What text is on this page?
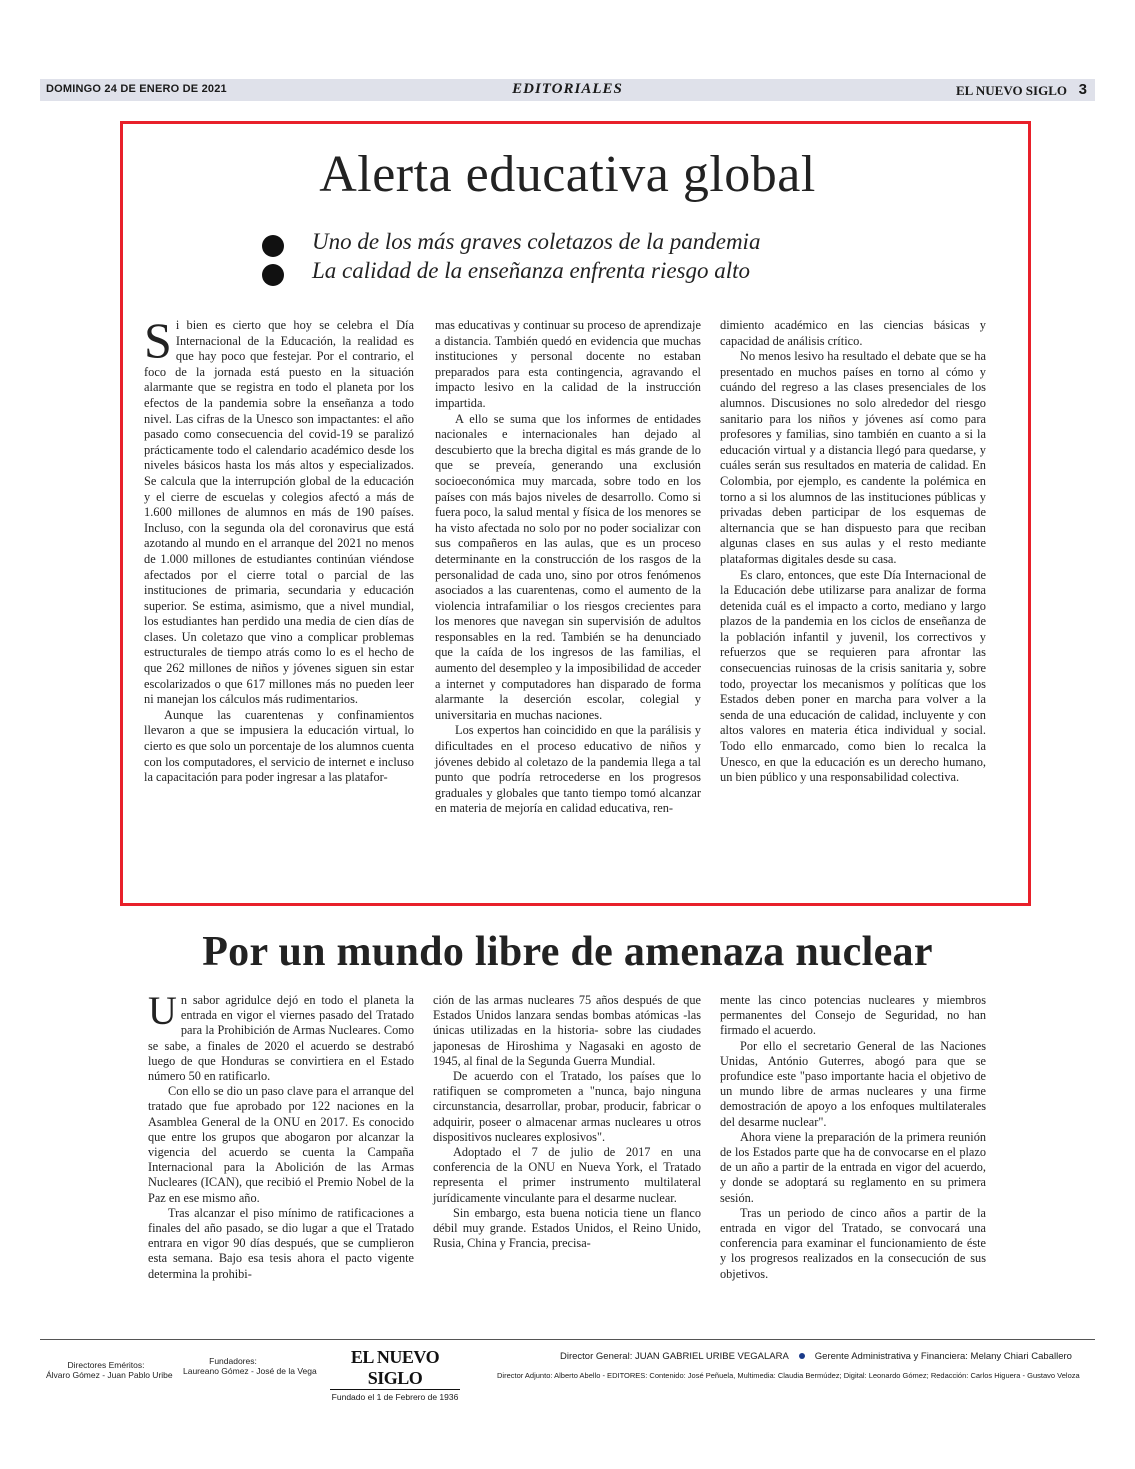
DOMINGO 24 DE ENERO DE 2021	EDITORIALES	EL NUEVO SIGLO 3
Alerta educativa global
Uno de los más graves coletazos de la pandemia
La calidad de la enseñanza enfrenta riesgo alto

Si bien es cierto que hoy se celebra el Día Internacional de la Educación, la realidad es que hay poco que festejar. Por el contrario, el foco de la jornada está puesto en la situación alarmante que se registra en todo el planeta por los efectos de la pandemia sobre la enseñanza a todo nivel. Las cifras de la Unesco son impactantes: el año pasado como consecuencia del covid-19 se paralizó prácticamente todo el calendario académico desde los niveles básicos hasta los más altos y especializados. Se calcula que la interrupción global de la educación y el cierre de escuelas y colegios afectó a más de 1.600 millones de alumnos en más de 190 países. Incluso, con la segunda ola del coronavirus que está azotando al mundo en el arranque del 2021 no menos de 1.000 millones de estudiantes continúan viéndose afectados por el cierre total o parcial de las instituciones de primaria, secundaria y educación superior. Se estima, asimismo, que a nivel mundial, los estudiantes han perdido una media de cien días de clases. Un coletazo que vino a complicar problemas estructurales de tiempo atrás como lo es el hecho de que 262 millones de niños y jóvenes siguen sin estar escolarizados o que 617 millones más no pueden leer ni manejan los cálculos más rudimentarios.

Aunque las cuarentenas y confinamientos llevaron a que se impusiera la educación virtual, lo cierto es que solo un porcentaje de los alumnos cuenta con los computadores, el servicio de internet e incluso la capacitación para poder ingresar a las platafor-

mas educativas y continuar su proceso de aprendizaje a distancia. También quedó en evidencia que muchas instituciones y personal docente no estaban preparados para esta contingencia, agravando el impacto lesivo en la calidad de la instrucción impartida.

A ello se suma que los informes de entidades nacionales e internacionales han dejado al descubierto que la brecha digital es más grande de lo que se preveía, generando una exclusión socioeconómica muy marcada, sobre todo en los países con más bajos niveles de desarrollo. Como si fuera poco, la salud mental y física de los menores se ha visto afectada no solo por no poder socializar con sus compañeros en las aulas, que es un proceso determinante en la construcción de los rasgos de la personalidad de cada uno, sino por otros fenómenos asociados a las cuarentenas, como el aumento de la violencia intrafamiliar o los riesgos crecientes para los menores que navegan sin supervisión de adultos responsables en la red. También se ha denunciado que la caída de los ingresos de las familias, el aumento del desempleo y la imposibilidad de acceder a internet y computadores han disparado de forma alarmante la deserción escolar, colegial y universitaria en muchas naciones.

Los expertos han coincidido en que la parálisis y dificultades en el proceso educativo de niños y jóvenes debido al coletazo de la pandemia llega a tal punto que podría retrocederse en los progresos graduales y globales que tanto tiempo tomó alcanzar en materia de mejoría en calidad educativa, ren-

dimiento académico en las ciencias básicas y capacidad de análisis crítico.

No menos lesivo ha resultado el debate que se ha presentado en muchos países en torno al cómo y cuándo del regreso a las clases presenciales de los alumnos. Discusiones no solo alrededor del riesgo sanitario para los niños y jóvenes así como para profesores y familias, sino también en cuanto a si la educación virtual y a distancia llegó para quedarse, y cuáles serán sus resultados en materia de calidad. En Colombia, por ejemplo, es candente la polémica en torno a si los alumnos de las instituciones públicas y privadas deben participar de los esquemas de alternancia que se han dispuesto para que reciban algunas clases en sus aulas y el resto mediante plataformas digitales desde su casa.

Es claro, entonces, que este Día Internacional de la Educación debe utilizarse para analizar de forma detenida cuál es el impacto a corto, mediano y largo plazos de la pandemia en los ciclos de enseñanza de la población infantil y juvenil, los correctivos y refuerzos que se requieren para afrontar las consecuencias ruinosas de la crisis sanitaria y, sobre todo, proyectar los mecanismos y políticas que los Estados deben poner en marcha para volver a la senda de una educación de calidad, incluyente y con altos valores en materia ética individual y social. Todo ello enmarcado, como bien lo recalca la Unesco, en que la educación es un derecho humano, un bien público y una responsabilidad colectiva.

Por un mundo libre de amenaza nuclear

Un sabor agridulce dejó en todo el planeta la entrada en vigor el viernes pasado del Tratado para la Prohibición de Armas Nucleares. Como se sabe, a finales de 2020 el acuerdo se destrabó luego de que Honduras se convirtiera en el Estado número 50 en ratificarlo.

Con ello se dio un paso clave para el arranque del tratado que fue aprobado por 122 naciones en la Asamblea General de la ONU en 2017. Es conocido que entre los grupos que abogaron por alcanzar la vigencia del acuerdo se cuenta la Campaña Internacional para la Abolición de las Armas Nucleares (ICAN), que recibió el Premio Nobel de la Paz en ese mismo año.

Tras alcanzar el piso mínimo de ratificaciones a finales del año pasado, se dio lugar a que el Tratado entrara en vigor 90 días después, que se cumplieron esta semana. Bajo esa tesis ahora el pacto vigente determina la prohibi-

ción de las armas nucleares 75 años después de que Estados Unidos lanzara sendas bombas atómicas -las únicas utilizadas en la historia- sobre las ciudades japonesas de Hiroshima y Nagasaki en agosto de 1945, al final de la Segunda Guerra Mundial.

De acuerdo con el Tratado, los países que lo ratifiquen se comprometen a "nunca, bajo ninguna circunstancia, desarrollar, probar, producir, fabricar o adquirir, poseer o almacenar armas nucleares u otros dispositivos nucleares explosivos".

Adoptado el 7 de julio de 2017 en una conferencia de la ONU en Nueva York, el Tratado representa el primer instrumento multilateral jurídicamente vinculante para el desarme nuclear.

Sin embargo, esta buena noticia tiene un flanco débil muy grande. Estados Unidos, el Reino Unido, Rusia, China y Francia, precisa-

mente las cinco potencias nucleares y miembros permanentes del Consejo de Seguridad, no han firmado el acuerdo.

Por ello el secretario General de las Naciones Unidas, António Guterres, abogó para que se profundice este "paso importante hacia el objetivo de un mundo libre de armas nucleares y una firme demostración de apoyo a los enfoques multilaterales del desarme nuclear".

Ahora viene la preparación de la primera reunión de los Estados parte que ha de convocarse en el plazo de un año a partir de la entrada en vigor del acuerdo, y donde se adoptará su reglamento en su primera sesión.

Tras un periodo de cinco años a partir de la entrada en vigor del Tratado, se convocará una conferencia para examinar el funcionamiento de éste y los progresos realizados en la consecución de sus objetivos.

Directores Eméritos:
Álvaro Gómez - Juan Pablo Uribe
Fundadores:
Laureano Gómez - José de la Vega
EL NUEVO SIGLO
Fundado el 1 de Febrero de 1936
Director General: JUAN GABRIEL URIBE VEGALARA	Gerente Administrativa y Financiera: Melany Chiari Caballero
Director Adjunto: Alberto Abello - EDITORES: Contenido: José Peñuela, Multimedia: Claudia Bermúdez; Digital: Leonardo Gómez; Redacción: Carlos Higuera - Gustavo Veloza
